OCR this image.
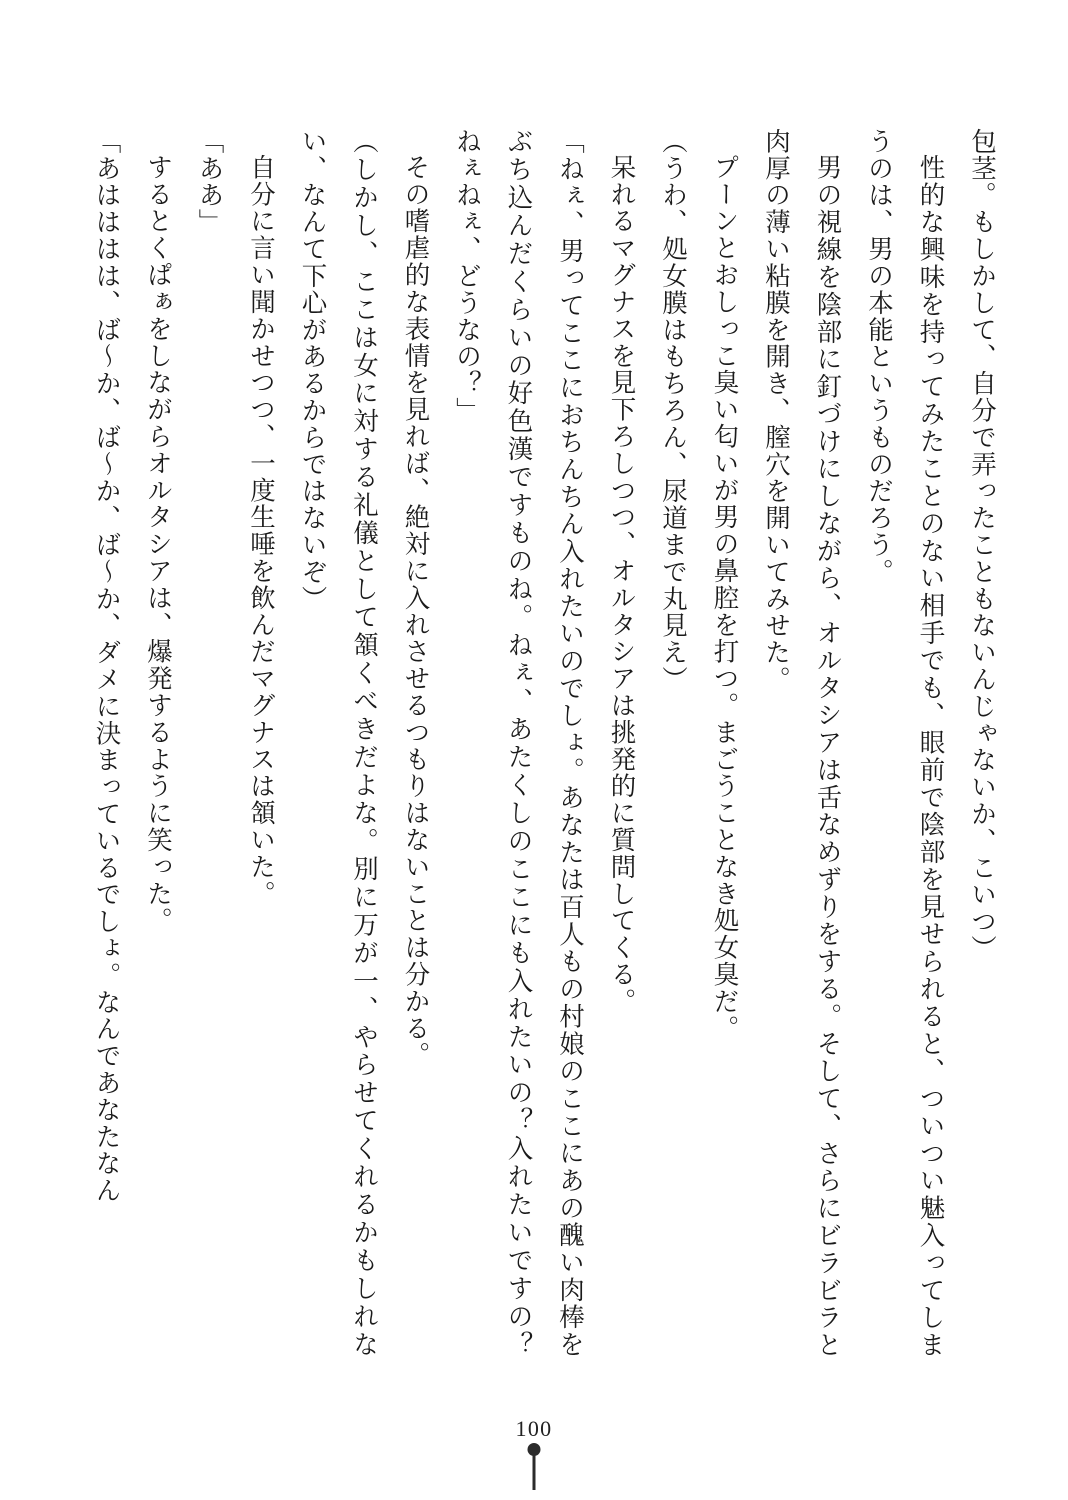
包茎。もしかして、自分で弄ったこともないんじゃないか、こいつ）

性的な興味を持ってみたことのない相手でも、眼前で陰部を見せられると、ついつい魅入ってしまうのは、男の本能というものだろう。

男の視線を陰部に釘づけにしながら、オルタシアは舌なめずりをする。そして、さらにビラビラと肉厚の薄い粘膜を開き、膣穴を開いてみせた。

プーンとおしっこ臭い匂いが男の鼻腔を打つ。まごうことなき処女臭だ。

（うわ、処女膜はもちろん、尿道まで丸見え）

呆れるマグナスを見下ろしつつ、オルタシアは挑発的に質問してくる。

「ねぇ、男ってここにおちんちん入れたいのでしょ。あなたは百人もの村娘のここにあの醜い肉棒をぶち込んだくらいの好色漢ですものね。ねぇ、あたくしのここにも入れたいの？入れたいですの？　ねぇねぇ、どうなの？」

その嗜虐的な表情を見れば、絶対に入れさせるつもりはないことは分かる。

（しかし、ここは女に対する礼儀として頷くべきだよな。別に万が一、やらせてくれるかもしれない、なんて下心があるからではないぞ）

自分に言い聞かせつつ、一度生唾を飲んだマグナスは頷いた。

「ああ」

するとくぱぁをしながらオルタシアは、爆発するように笑った。

「あはははは、ば～か、ば～か、ば～か、ダメに決まっているでしょ。なんであなたなん

100
